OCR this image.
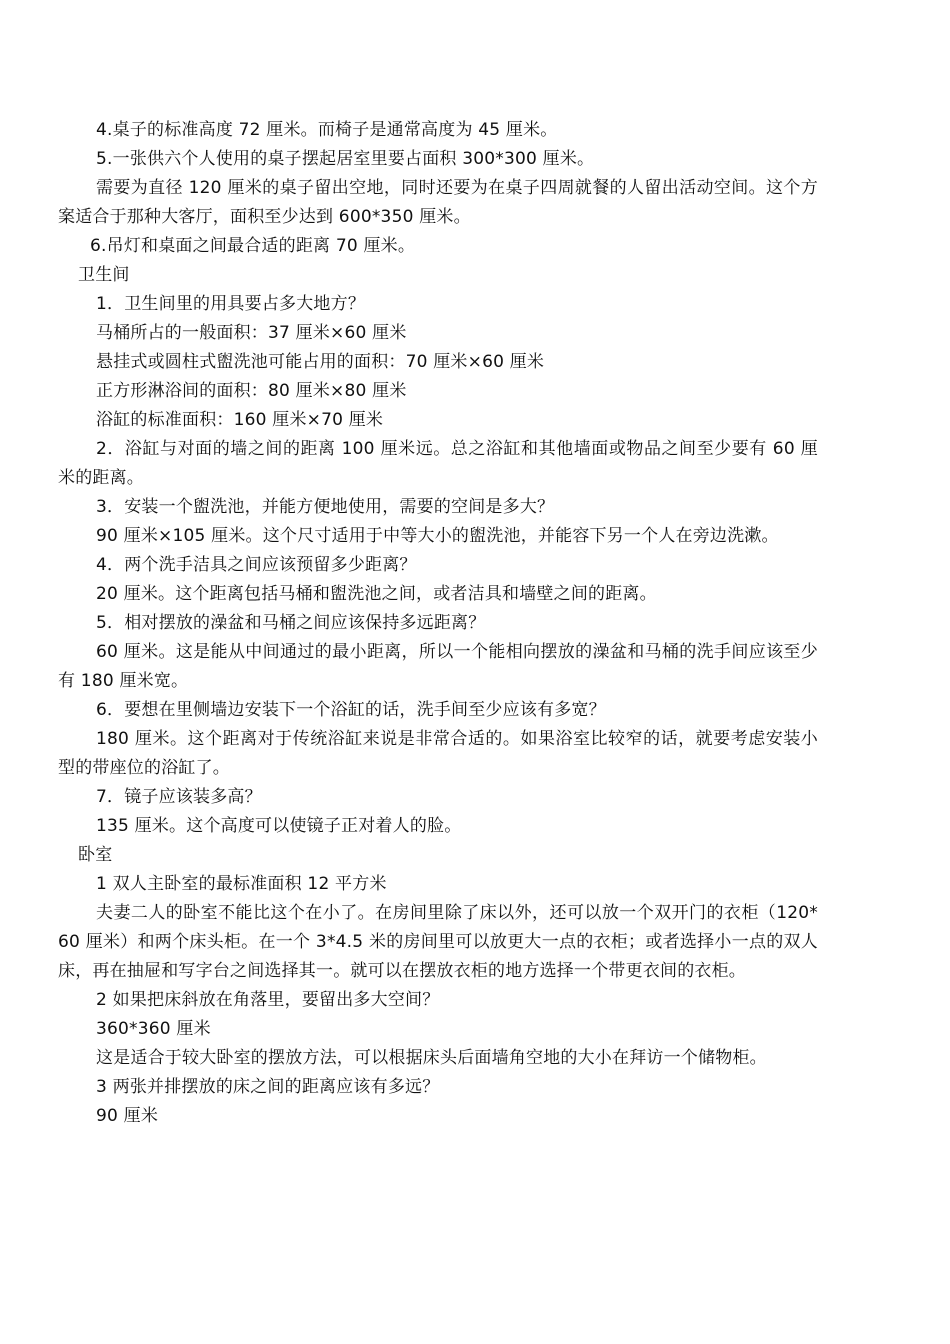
4.桌子的标准高度 72 厘米。而椅子是通常高度为 45 厘米。

5.一张供六个人使用的桌子摆起居室里要占面积 300*300 厘米。

需要为直径 120 厘米的桌子留出空地，同时还要为在桌子四周就餐的人留出活动空间。这个方案适合于那种大客厅，面积至少达到 600*350 厘米。

6.吊灯和桌面之间最合适的距离 70 厘米。

卫生间

1．卫生间里的用具要占多大地方？

马桶所占的一般面积：37 厘米×60 厘米

悬挂式或圆柱式盥洗池可能占用的面积：70 厘米×60 厘米

正方形淋浴间的面积：80 厘米×80 厘米

浴缸的标准面积：160 厘米×70 厘米

2．浴缸与对面的墙之间的距离 100 厘米远。总之浴缸和其他墙面或物品之间至少要有 60 厘米的距离。

3．安装一个盥洗池，并能方便地使用，需要的空间是多大？

90 厘米×105 厘米。这个尺寸适用于中等大小的盥洗池，并能容下另一个人在旁边洗漱。

4．两个洗手洁具之间应该预留多少距离？

20 厘米。这个距离包括马桶和盥洗池之间，或者洁具和墙壁之间的距离。

5．相对摆放的澡盆和马桶之间应该保持多远距离？

60 厘米。这是能从中间通过的最小距离，所以一个能相向摆放的澡盆和马桶的洗手间应该至少有 180 厘米宽。

6．要想在里侧墙边安装下一个浴缸的话，洗手间至少应该有多宽？

180 厘米。这个距离对于传统浴缸来说是非常合适的。如果浴室比较窄的话，就要考虑安装小型的带座位的浴缸了。

7．镜子应该装多高？

135 厘米。这个高度可以使镜子正对着人的脸。

卧室

1 双人主卧室的最标准面积 12 平方米

夫妻二人的卧室不能比这个在小了。在房间里除了床以外，还可以放一个双开门的衣柜（120*60 厘米）和两个床头柜。在一个 3*4.5 米的房间里可以放更大一点的衣柜；或者选择小一点的双人床，再在抽屉和写字台之间选择其一。就可以在摆放衣柜的地方选择一个带更衣间的衣柜。

2 如果把床斜放在角落里，要留出多大空间？

360*360 厘米

这是适合于较大卧室的摆放方法，可以根据床头后面墙角空地的大小在拜访一个储物柜。

3 两张并排摆放的床之间的距离应该有多远？

90 厘米
